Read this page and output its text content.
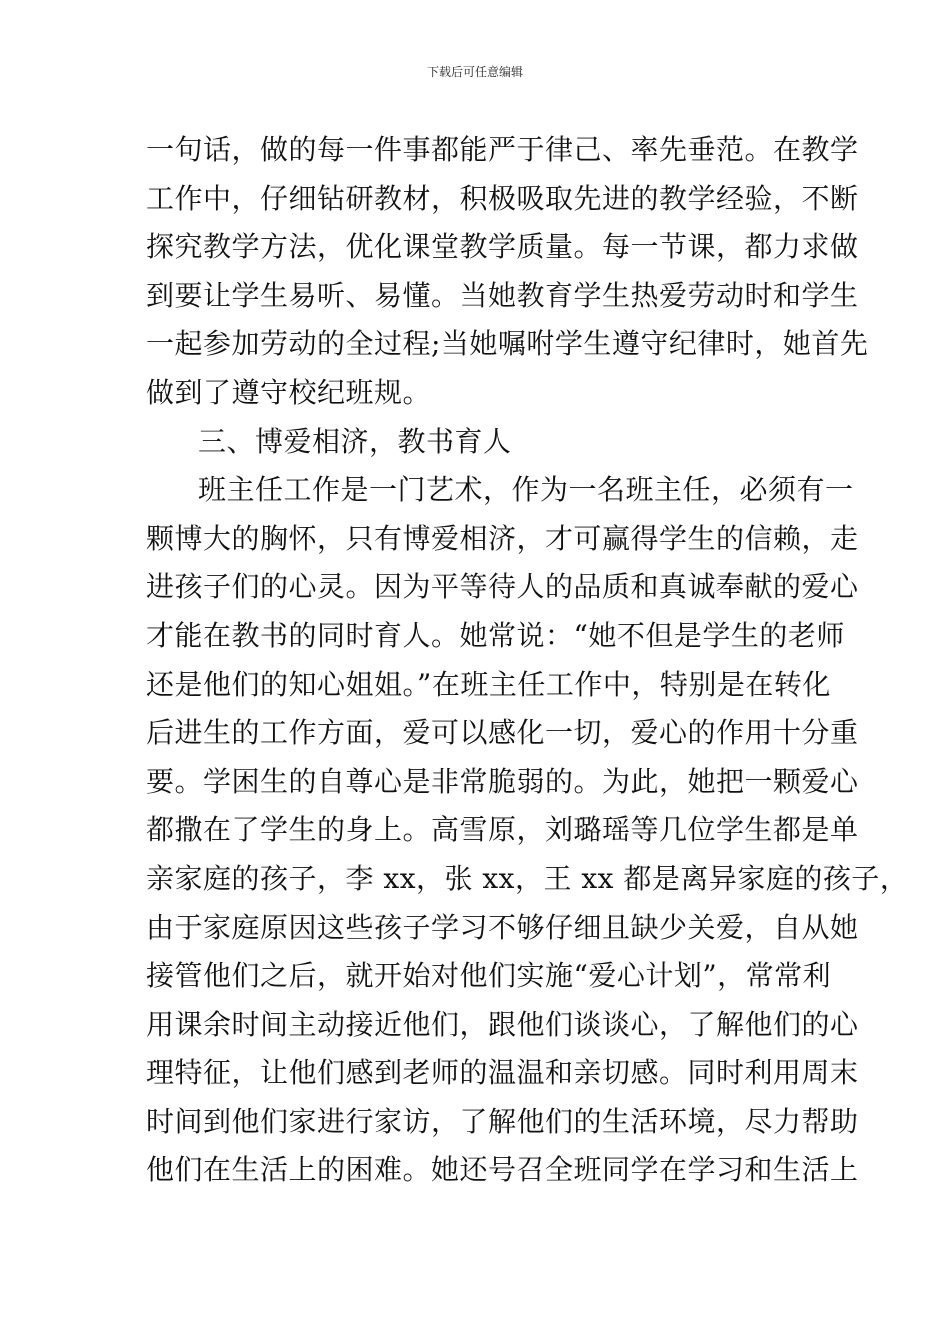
下载后可任意编辑
一句话，做的每一件事都能严于律己、率先垂范。在教学
工作中，仔细钻研教材，积极吸取先进的教学经验，不断
探究教学方法，优化课堂教学质量。每一节课，都力求做
到要让学生易听、易懂。当她教育学生热爱劳动时和学生
一起参加劳动的全过程;当她嘱咐学生遵守纪律时，她首先
做到了遵守校纪班规。
三、博爱相济，教书育人
班主任工作是一门艺术，作为一名班主任，必须有一
颗博大的胸怀，只有博爱相济，才可赢得学生的信赖，走
进孩子们的心灵。因为平等待人的品质和真诚奉献的爱心
才能在教书的同时育人。她常说：“她不但是学生的老师
还是他们的知心姐姐。”在班主任工作中，特别是在转化
后进生的工作方面，爱可以感化一切，爱心的作用十分重
要。学困生的自尊心是非常脆弱的。为此，她把一颗爱心
都撒在了学生的身上。高雪原，刘璐瑶等几位学生都是单
亲家庭的孩子，李 xx，张 xx，王 xx 都是离异家庭的孩子，
由于家庭原因这些孩子学习不够仔细且缺少关爱，自从她
接管他们之后，就开始对他们实施“爱心计划”，常常利
用课余时间主动接近他们，跟他们谈谈心，了解他们的心
理特征，让他们感到老师的温温和亲切感。同时利用周末
时间到他们家进行家访，了解他们的生活环境，尽力帮助
他们在生活上的困难。她还号召全班同学在学习和生活上
